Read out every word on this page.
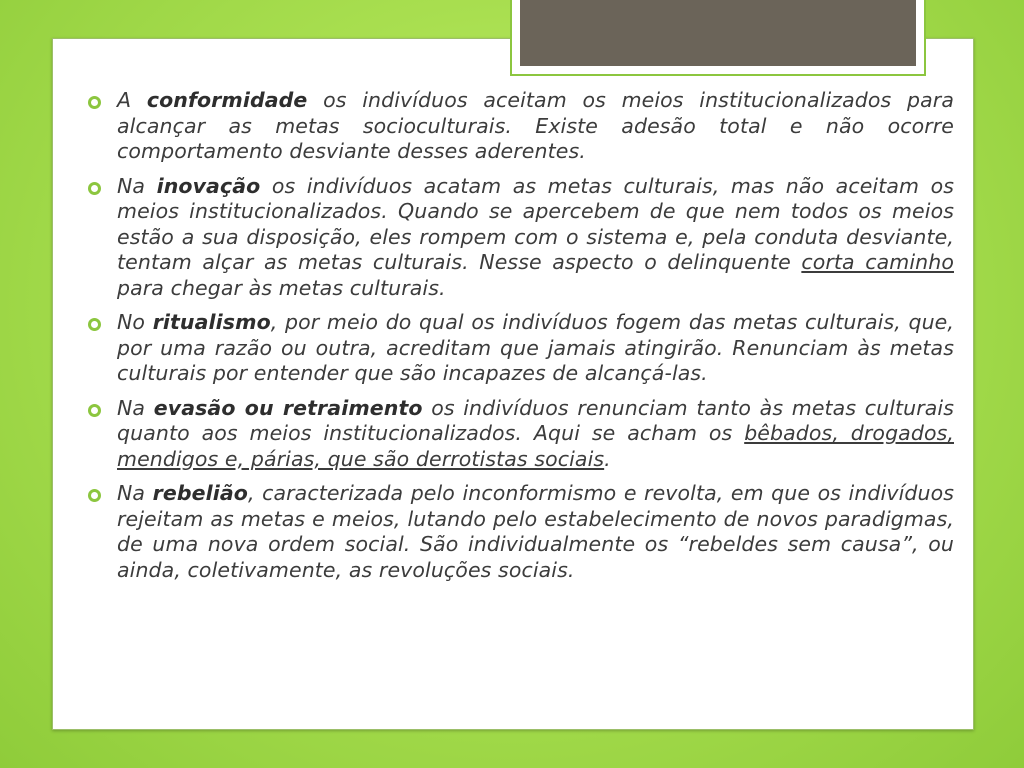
A conformidade os indivíduos aceitam os meios institucionalizados para alcançar as metas socioculturais. Existe adesão total e não ocorre comportamento desviante desses aderentes.
Na inovação os indivíduos acatam as metas culturais, mas não aceitam os meios institucionalizados. Quando se apercebem de que nem todos os meios estão a sua disposição, eles rompem com o sistema e, pela conduta desviante, tentam alçar as metas culturais. Nesse aspecto o delinquente corta caminho para chegar às metas culturais.
No ritualismo, por meio do qual os indivíduos fogem das metas culturais, que, por uma razão ou outra, acreditam que jamais atingirão. Renunciam às metas culturais por entender que são incapazes de alcançá-las.
Na evasão ou retraimento os indivíduos renunciam tanto às metas culturais quanto aos meios institucionalizados. Aqui se acham os bêbados, drogados, mendigos e, párias, que são derrotistas sociais.
Na rebelião, caracterizada pelo inconformismo e revolta, em que os indivíduos rejeitam as metas e meios, lutando pelo estabelecimento de novos paradigmas, de uma nova ordem social. São individualmente os “rebeldes sem causa”, ou ainda, coletivamente, as revoluções sociais.
